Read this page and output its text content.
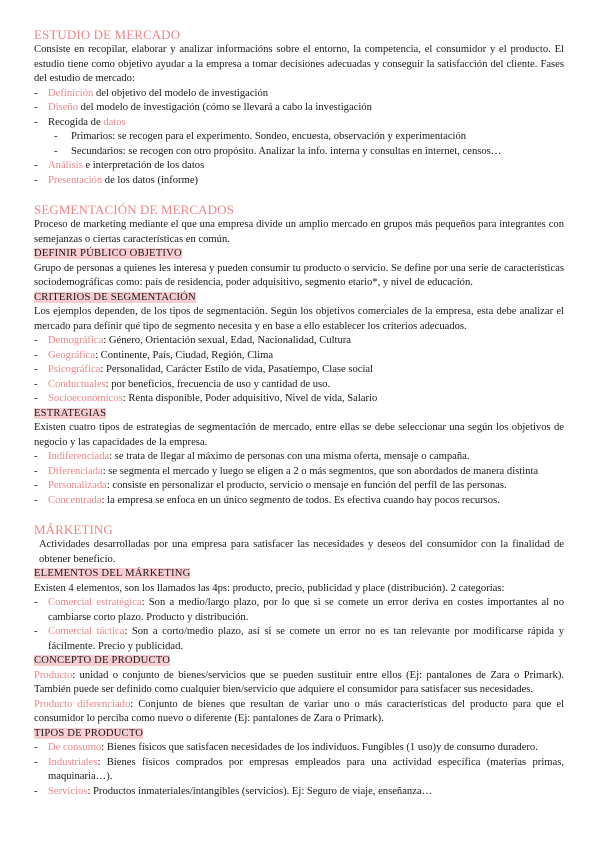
ESTUDIO DE MERCADO
Consiste en recopilar, elaborar y analizar informacións sobre el entorno, la competencia, el consumidor y el producto. El estudio tiene como objetivo ayudar a la empresa a tomar decisiones adecuadas y conseguir la satisfacción del cliente. Fases del estudio de mercado:
- Definición del objetivo del modelo de investigación
- Diseño del modelo de investigación (cómo se llevará a cabo la investigación
- Recogida de datos
- Primarios: se recogen para el experimento. Sondeo, encuesta, observación y experimentación
- Secundarios: se recogen con otro propósito. Analizar la info. interna y consultas en internet, censos…
- Análisis e interpretación de los datos
- Presentación de los datos (informe)
SEGMENTACIÓN DE MERCADOS
Proceso de marketing mediante el que una empresa divide un amplio mercado en grupos más pequeños para integrantes con semejanzas o ciertas características en común.
DEFINIR PÚBLICO OBJETIVO
Grupo de personas a quienes les interesa y pueden consumir tu producto o servicio. Se define por una serie de características sociodemográficas como: país de residencia, poder adquisitivo, segmento etario*, y nivel de educación.
CRITERIOS DE SEGMENTACIÓN
Los ejemplos dependen, de los tipos de segmentación. Según los objetivos comerciales de la empresa, esta debe analizar el mercado para definir qué tipo de segmento necesita y en base a ello establecer los criterios adecuados.
- Demográfica: Género, Orientación sexual, Edad, Nacionalidad, Cultura
- Geográfica: Continente, País, Ciudad, Región, Clima
- Psicográfica: Personalidad, Carácter Estilo de vida, Pasatiempo, Clase social
- Conductuales: por beneficios, frecuencia de uso y cantidad de uso.
- Socioeconómicos: Renta disponible, Poder adquisitivo, Nivel de vida, Salario
ESTRATEGIAS
Existen cuatro tipos de estrategias de segmentación de mercado, entre ellas se debe seleccionar una según los objetivos de negocio y las capacidades de la empresa.
- Indiferenciada: se trata de llegar al máximo de personas con una misma oferta, mensaje o campaña.
- Diferenciada: se segmenta el mercado y luego se eligen a 2 o más segmentos, que son abordados de manera distinta
- Personalizada: consiste en personalizar el producto, servicio o mensaje en función del perfil de las personas.
- Concentrada: la empresa se enfoca en un único segmento de todos. Es efectiva cuando hay pocos recursos.
MÁRKETING
Actividades desarrolladas por una empresa para satisfacer las necesidades y deseos del consumidor con la finalidad de obtener beneficio.
ELEMENTOS DEL MÁRKETING
Existen 4 elementos, son los llamados las 4ps: producto, precio, publicidad y place (distribución). 2 categorías:
- Comercial estratégica: Son a medio/largo plazo, por lo que si se comete un error deriva en costes importantes al no cambiarse corto plazo. Producto y distribución.
- Comercial táctica: Son a corto/medio plazo, así si se comete un error no es tan relevante por modificarse rápida y fácilmente. Precio y publicidad.
CONCEPTO DE PRODUCTO
Producto: unidad o conjunto de bienes/servicios que se pueden sustituir entre ellos (Ej: pantalones de Zara o Primark). También puede ser definido como cualquier bien/servicio que adquiere el consumidor para satisfacer sus necesidades.
Producto diferenciado: Conjunto de bienes que resultan de variar uno o más características del producto para que el consumidor lo perciba como nuevo o diferente (Ej: pantalones de Zara o Primark).
TIPOS DE PRODUCTO
- De consumo: Bienes físicos que satisfacen necesidades de los individuos. Fungibles (1 uso)y de consumo duradero.
- Industriales: Bienes físicos comprados por empresas empleados para una actividad específica (materias primas, maquinaria…).
- Servicios: Productos inmateriales/intangibles (servicios). Ej: Seguro de viaje, enseñanza…
